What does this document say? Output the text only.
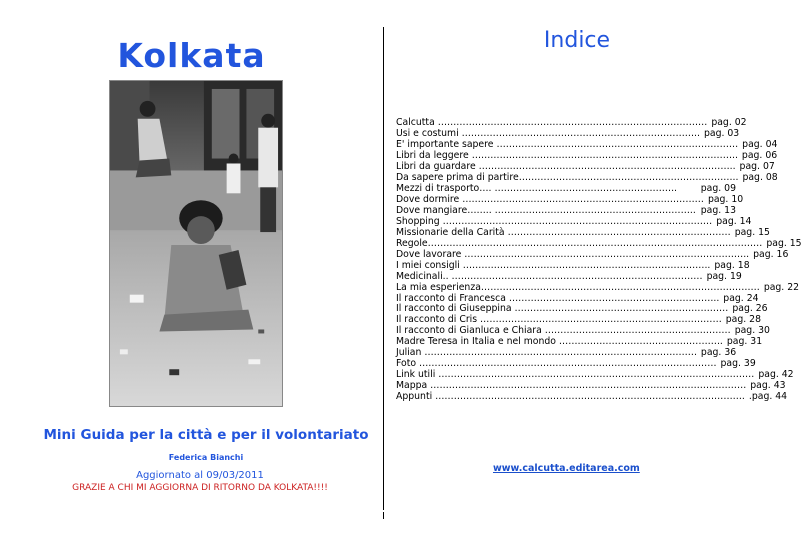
Kolkata
Mini Guida per la città e per il volontariato
Federica Bianchi
Aggiornato al 09/03/2011
GRAZIE A CHI MI AGGIORNA DI RITORNO DA KOLKATA!!!!
Indice
Calcutta …………………………………………………………………………… pag. 02
Usi e costumi ………………………………………………………………….. pag. 03
E' importante sapere …………………………………………………………………… pag. 04
Libri da leggere ………………………………………………………………………….. pag. 06
Libri da guardare ……………………………………………………………………….. pag. 07
Da sapere prima di partire…………………………………………………………….. pag. 08
Mezzi di trasporto…. …………………………………………………..	pag. 09
Dove dormire …………………………………………………………………… pag. 10
Dove mangiare…….. ……………………………………………………….. pag. 13
Shopping …………………………………………………………………………… pag. 14
Missionarie della Carità ……………………………………………………………… pag. 15
Regole……………………………………………………………………………………………… pag. 15
Dove lavorare ……………………………………………………………………………….. pag. 16
I miei consigli …………………………………………………………………….. pag. 18
Medicinali.. ……………………………………………………………………… pag. 19
La mia esperienza……………………………………………………………………………… pag. 22
Il racconto di Francesca ………………………………………………………….. pag. 24
Il racconto di Giuseppina …………………………………………………………… pag. 26
Il racconto di Cris …………………………………………………………………… pag. 28
Il racconto di Gianluca e Chiara …………………………………………………… pag. 30
Madre Teresa in Italia e nel mondo …………………………………………….. pag. 31
Julian ……………………………………………………………………………. pag. 36
Foto …………………………………………………………………………………… pag. 39
Link utili ………………………………………………………………………………………… pag. 42
Mappa ………………………………………………………………………………………… pag. 43
Appunti ………………………………………………………………………………………. .pag. 44
www.calcutta.editarea.com
